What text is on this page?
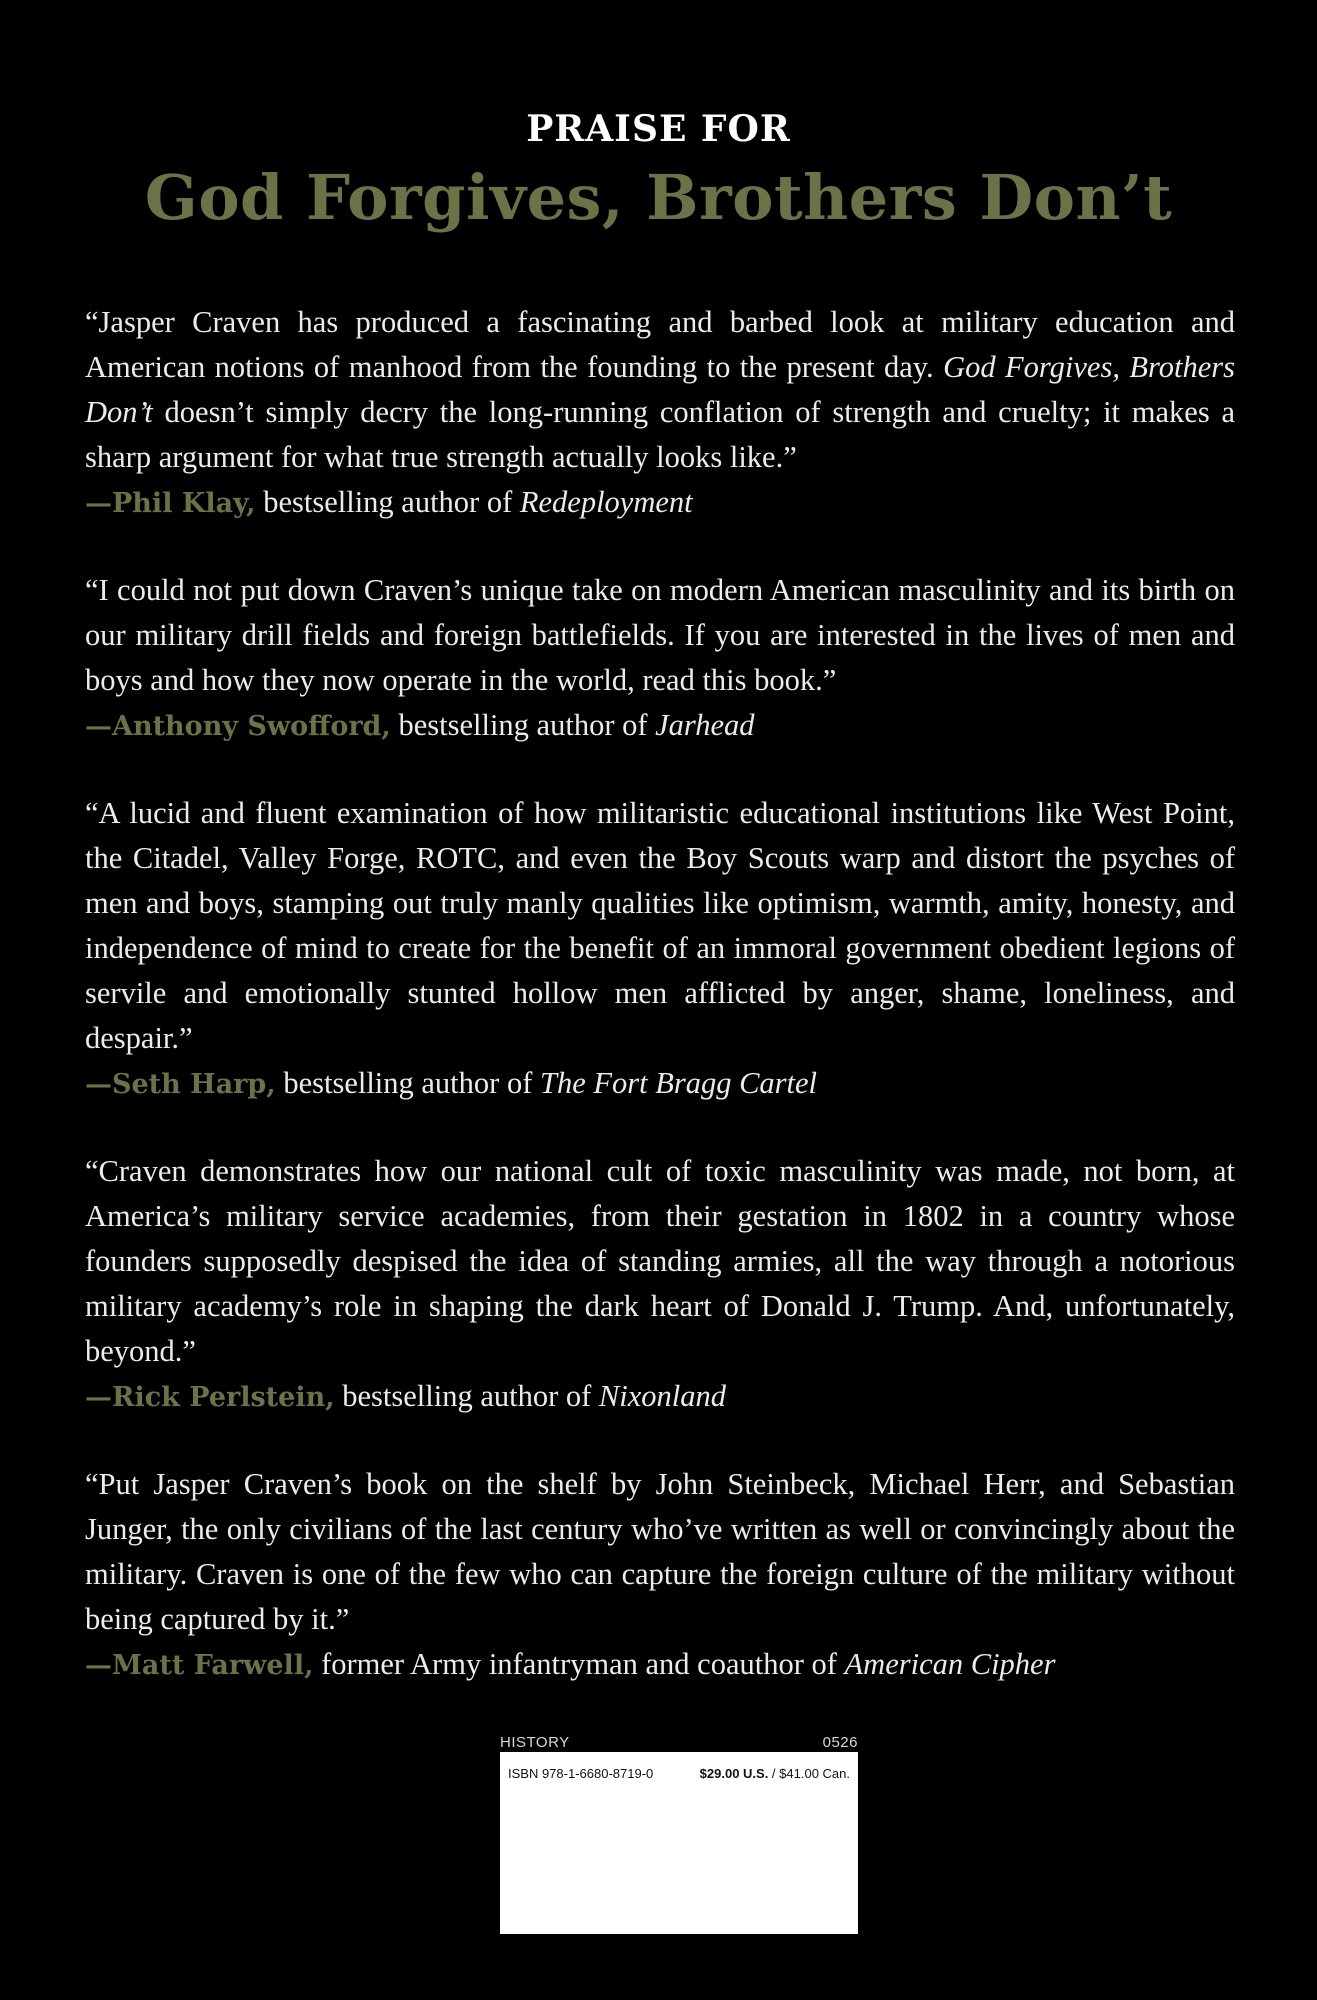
PRAISE FOR
God Forgives, Brothers Don’t

“Jasper Craven has produced a fascinating and barbed look at military education and American notions of manhood from the founding to the present day. God Forgives, Brothers Don’t doesn’t simply decry the long-running conflation of strength and cruelty; it makes a sharp argument for what true strength actually looks like.”

—Phil Klay, bestselling author of Redeployment

“I could not put down Craven’s unique take on modern American masculinity and its birth on our military drill fields and foreign battlefields. If you are interested in the lives of men and boys and how they now operate in the world, read this book.”

—Anthony Swofford, bestselling author of Jarhead

“A lucid and fluent examination of how militaristic educational institutions like West Point, the Citadel, Valley Forge, ROTC, and even the Boy Scouts warp and distort the psyches of men and boys, stamping out truly manly qualities like optimism, warmth, amity, honesty, and independence of mind to create for the benefit of an immoral government obedient legions of servile and emotionally stunted hollow men afflicted by anger, shame, loneliness, and despair.”

—Seth Harp, bestselling author of The Fort Bragg Cartel

“Craven demonstrates how our national cult of toxic masculinity was made, not born, at America’s military service academies, from their gestation in 1802 in a country whose founders supposedly despised the idea of standing armies, all the way through a notorious military academy’s role in shaping the dark heart of Donald J. Trump. And, unfortunately, beyond.”

—Rick Perlstein, bestselling author of Nixonland

“Put Jasper Craven’s book on the shelf by John Steinbeck, Michael Herr, and Sebastian Junger, the only civilians of the last century who’ve written as well or convincingly about the military. Craven is one of the few who can capture the foreign culture of the military without being captured by it.”

—Matt Farwell, former Army infantryman and coauthor of American Cipher

HISTORY	0526
ISBN 978-1-6680-8719-0	$29.00 U.S. / $41.00 Can.
